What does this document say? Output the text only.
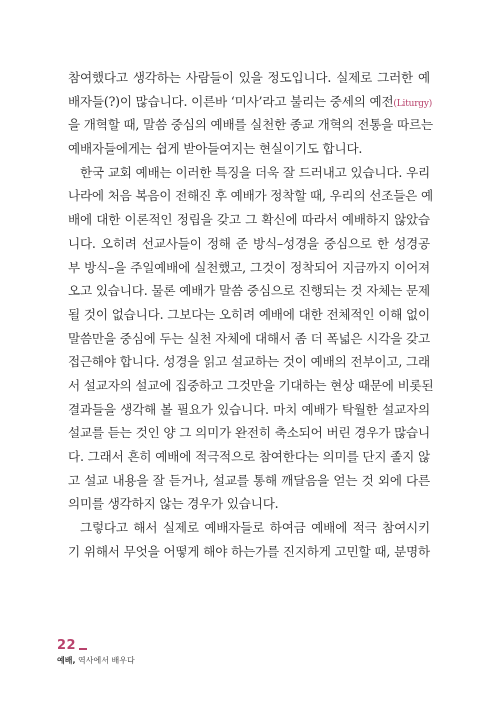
참여했다고 생각하는 사람들이 있을 정도입니다. 실제로 그러한 예
배자들(?)이 많습니다. 이른바 ‘미사’라고 불리는 중세의 예전(Liturgy)
을 개혁할 때, 말씀 중심의 예배를 실천한 종교 개혁의 전통을 따르는
예배자들에게는 쉽게 받아들여지는 현실이기도 합니다.
한국 교회 예배는 이러한 특징을 더욱 잘 드러내고 있습니다. 우리
나라에 처음 복음이 전해진 후 예배가 정착할 때, 우리의 선조들은 예
배에 대한 이론적인 정립을 갖고 그 확신에 따라서 예배하지 않았습
니다. 오히려 선교사들이 정해 준 방식–성경을 중심으로 한 성경공
부 방식–을 주일예배에 실천했고, 그것이 정착되어 지금까지 이어져
오고 있습니다. 물론 예배가 말씀 중심으로 진행되는 것 자체는 문제
될 것이 없습니다. 그보다는 오히려 예배에 대한 전체적인 이해 없이
말씀만을 중심에 두는 실천 자체에 대해서 좀 더 폭넓은 시각을 갖고
접근해야 합니다. 성경을 읽고 설교하는 것이 예배의 전부이고, 그래
서 설교자의 설교에 집중하고 그것만을 기대하는 현상 때문에 비롯된
결과들을 생각해 볼 필요가 있습니다. 마치 예배가 탁월한 설교자의
설교를 듣는 것인 양 그 의미가 완전히 축소되어 버린 경우가 많습니
다. 그래서 흔히 예배에 적극적으로 참여한다는 의미를 단지 졸지 않
고 설교 내용을 잘 듣거나, 설교를 통해 깨달음을 얻는 것 외에 다른
의미를 생각하지 않는 경우가 있습니다.
그렇다고 해서 실제로 예배자들로 하여금 예배에 적극 참여시키
기 위해서 무엇을 어떻게 해야 하는가를 진지하게 고민할 때, 분명하
22
예배, 역사에서 배우다
